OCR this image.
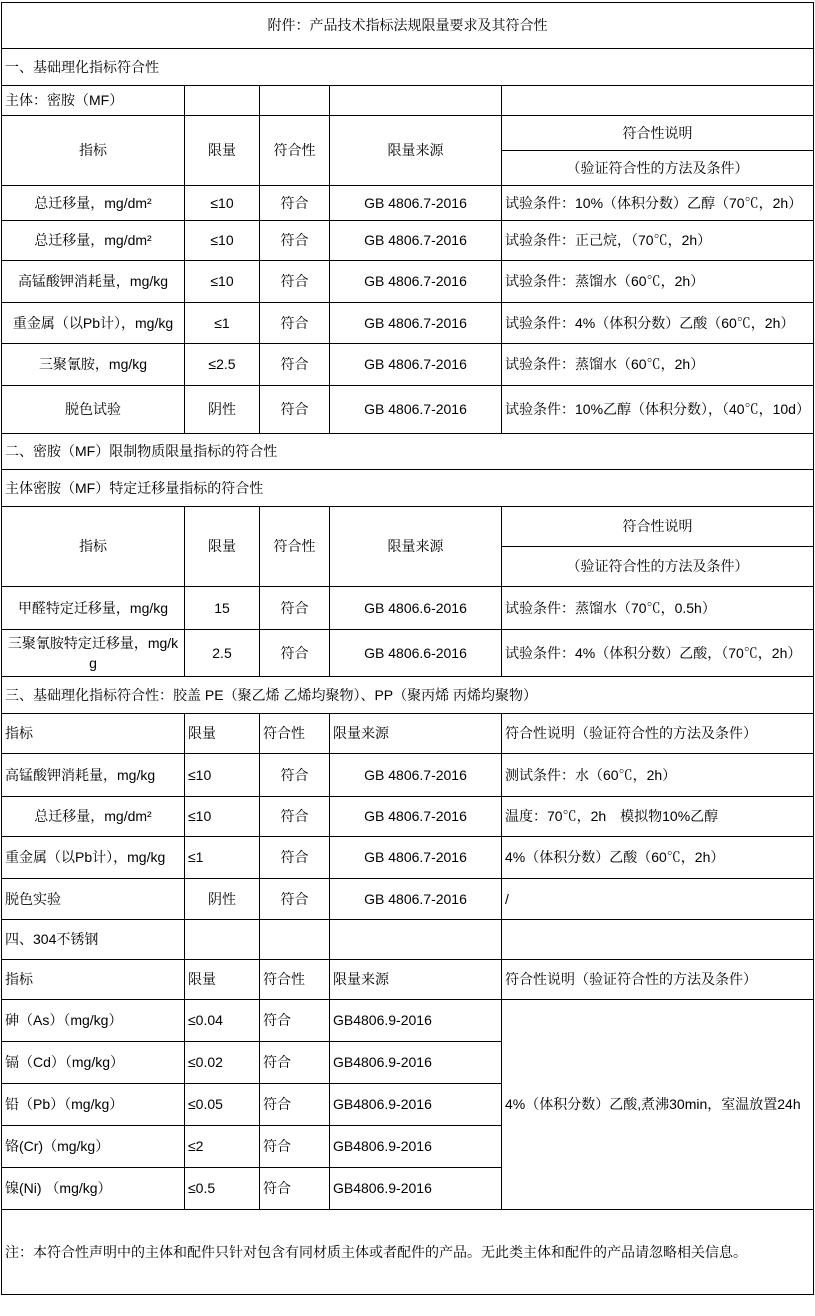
附件：产品技术指标法规限量要求及其符合性				
一、基础理化指标符合性				
主体：密胺（MF）				
指标	限量	符合性	限量来源	符合性说明
				（验证符合性的方法及条件）
总迁移量，mg/dm²	≤10	符合	GB 4806.7-2016	试验条件：10%（体积分数）乙醇（70℃，2h）
总迁移量，mg/dm²	≤10	符合	GB 4806.7-2016	试验条件：正己烷，（70℃，2h）
高锰酸钾消耗量，mg/kg	≤10	符合	GB 4806.7-2016	试验条件：蒸馏水（60℃，2h）
重金属（以Pb计），mg/kg	≤1	符合	GB 4806.7-2016	试验条件：4%（体积分数）乙酸（60℃，2h）
三聚氰胺，mg/kg	≤2.5	符合	GB 4806.7-2016	试验条件：蒸馏水（60℃，2h）
脱色试验	阴性	符合	GB 4806.7-2016	试验条件：10%乙醇（体积分数），（40℃，10d）
二、密胺（MF）限制物质限量指标的符合性				
主体密胺（MF）特定迁移量指标的符合性				
指标	限量	符合性	限量来源	符合性说明
				（验证符合性的方法及条件）
甲醛特定迁移量，mg/kg	15	符合	GB 4806.6-2016	试验条件：蒸馏水（70℃，0.5h）
三聚氰胺特定迁移量，mg/kg	2.5	符合	GB 4806.6-2016	试验条件：4%（体积分数）乙酸，（70℃，2h）
三、基础理化指标符合性：胶盖 PE（聚乙烯 乙烯均聚物）、PP（聚丙烯 丙烯均聚物）				
指标	限量	符合性	限量来源	符合性说明（验证符合性的方法及条件）
高锰酸钾消耗量，mg/kg	≤10	符合	GB 4806.7-2016	测试条件：水（60℃，2h）
总迁移量，mg/dm²	≤10	符合	GB 4806.7-2016	温度：70℃，2h　模拟物10%乙醇
重金属（以Pb计），mg/kg	≤1	符合	GB 4806.7-2016	4%（体积分数）乙酸（60℃，2h）
脱色实验	阴性	符合	GB 4806.7-2016	/
四、304不锈钢				
指标	限量	符合性	限量来源	符合性说明（验证符合性的方法及条件）
砷（As）（mg/kg）	≤0.04	符合	GB4806.9-2016	4%（体积分数）乙酸,煮沸30min，室温放置24h
镉（Cd）（mg/kg）	≤0.02	符合	GB4806.9-2016	
铅（Pb）（mg/kg）	≤0.05	符合	GB4806.9-2016	
铬(Cr)（mg/kg）	≤2	符合	GB4806.9-2016	
镍(Ni) （mg/kg）	≤0.5	符合	GB4806.9-2016	
注：本符合性声明中的主体和配件只针对包含有同材质主体或者配件的产品。无此类主体和配件的产品请忽略相关信息。				
